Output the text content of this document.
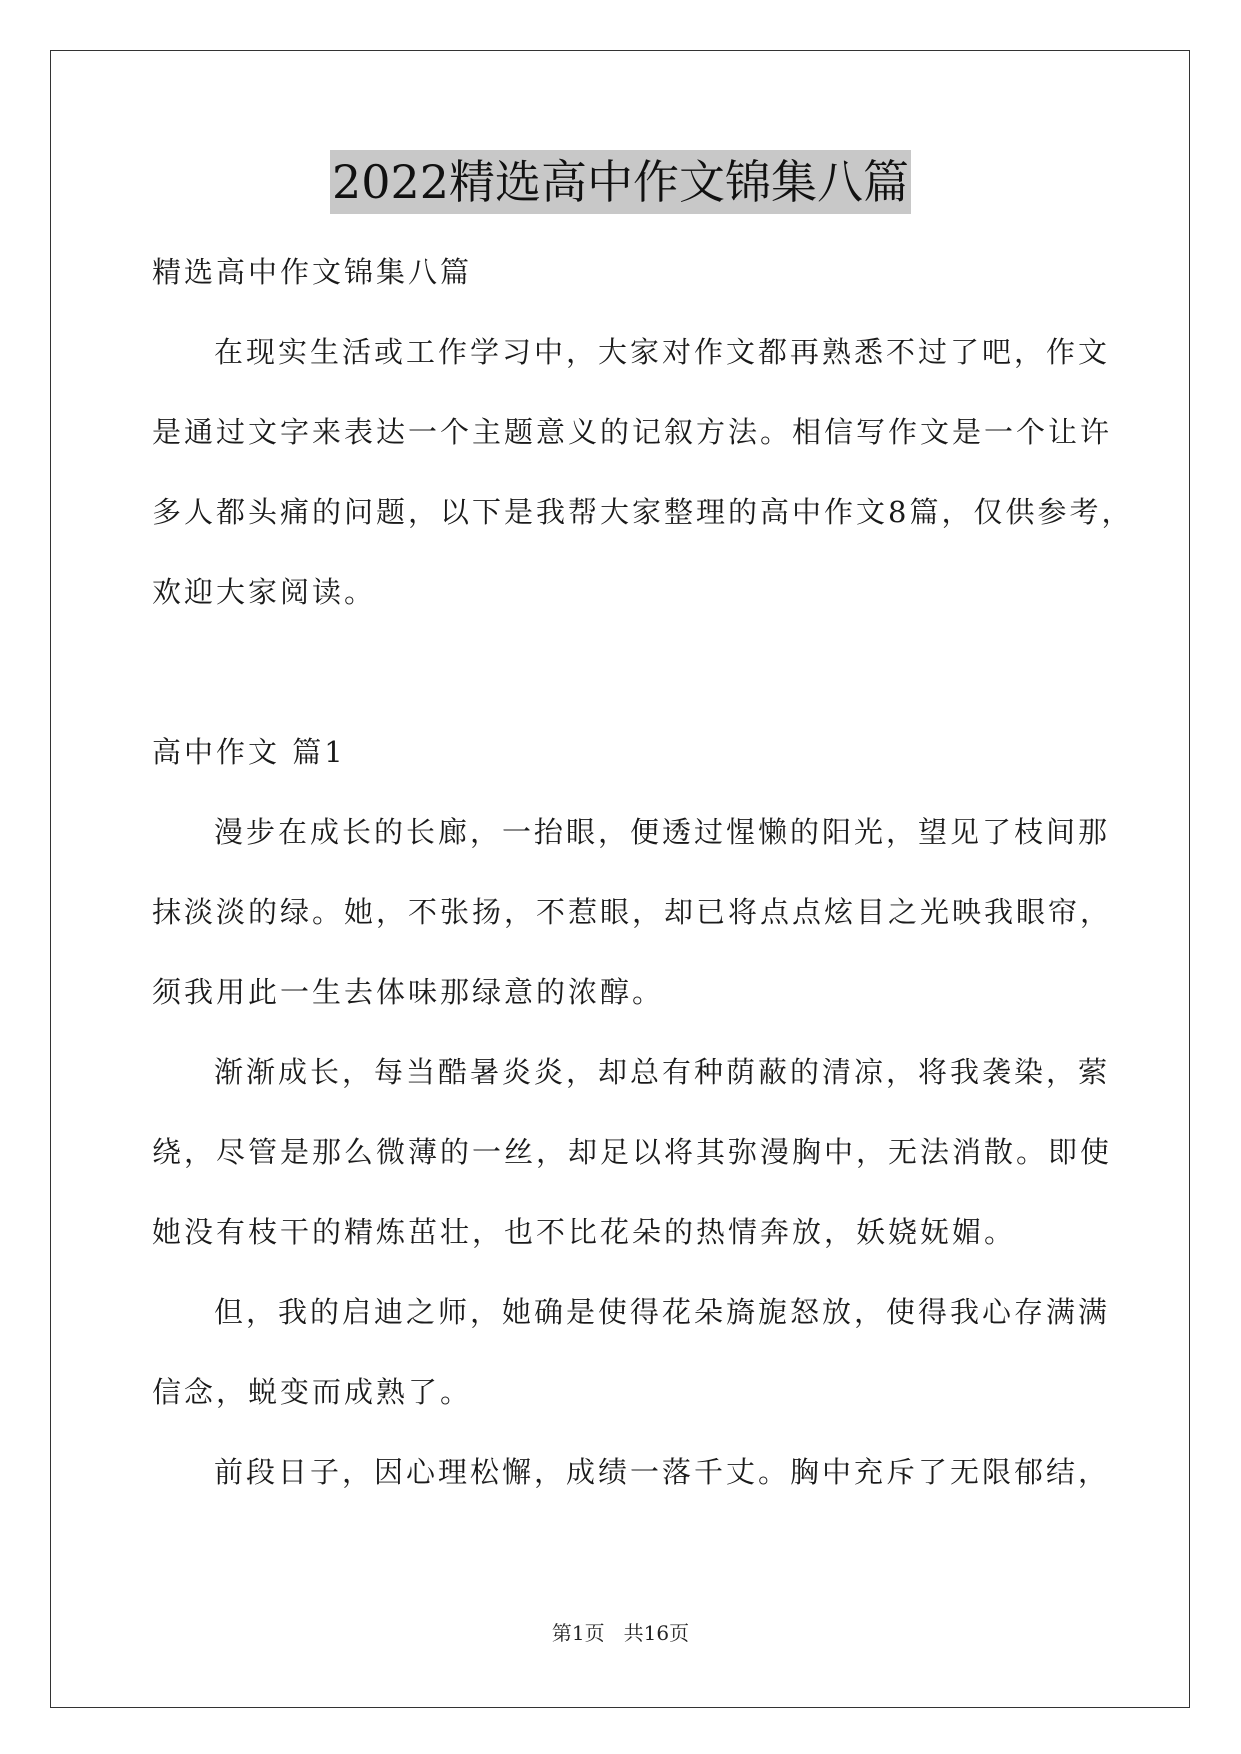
2022精选高中作文锦集八篇
精选高中作文锦集八篇
在现实生活或工作学习中，大家对作文都再熟悉不过了吧，作文
是通过文字来表达一个主题意义的记叙方法。相信写作文是一个让许
多人都头痛的问题，以下是我帮大家整理的高中作文8篇，仅供参考，
欢迎大家阅读。
高中作文 篇1
漫步在成长的长廊，一抬眼，便透过惺懒的阳光，望见了枝间那
抹淡淡的绿。她，不张扬，不惹眼，却已将点点炫目之光映我眼帘，
须我用此一生去体味那绿意的浓醇。
渐渐成长，每当酷暑炎炎，却总有种荫蔽的清凉，将我袭染，萦
绕，尽管是那么微薄的一丝，却足以将其弥漫胸中，无法消散。即使
她没有枝干的精炼茁壮，也不比花朵的热情奔放，妖娆妩媚。
但，我的启迪之师，她确是使得花朵旖旎怒放，使得我心存满满
信念，蜕变而成熟了。
前段日子，因心理松懈，成绩一落千丈。胸中充斥了无限郁结，
第1页   共16页
